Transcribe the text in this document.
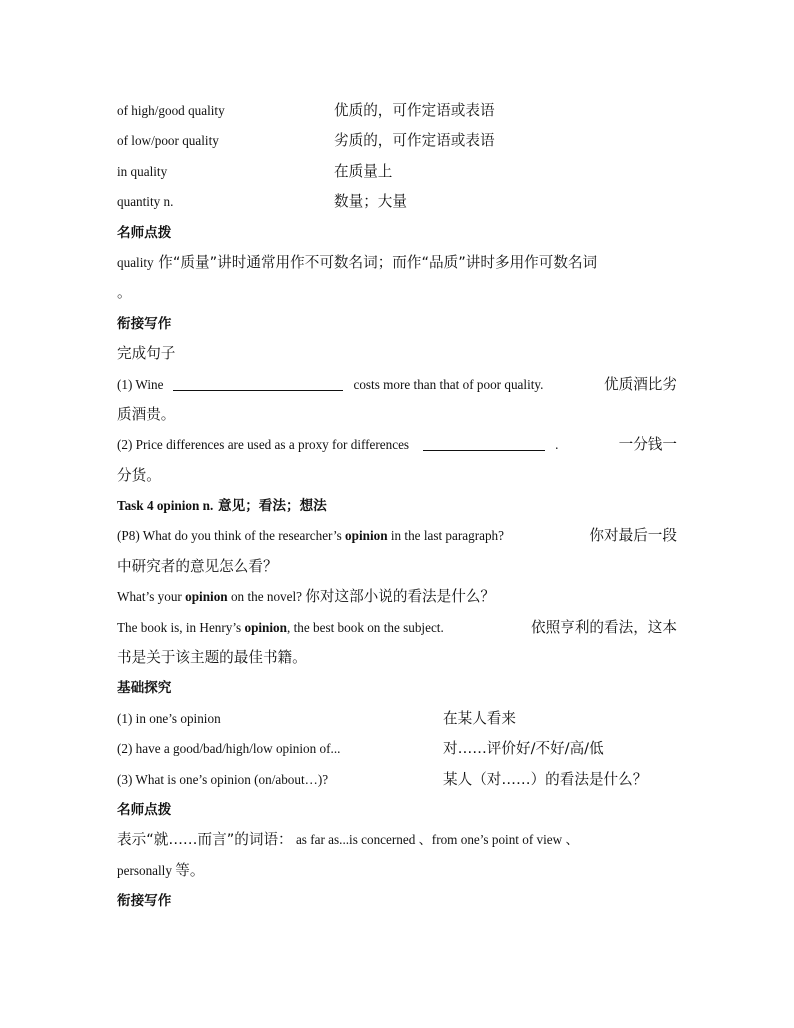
of high/good quality	优质的，可作定语或表语
of low/poor quality	劣质的，可作定语或表语
in quality	在质量上
quantity n.	数量；大量
名师点拨
quality 作“质量”讲时通常用作不可数名词；而作“品质”讲时多用作可数名词
。
衔接写作
完成句子
(1) Wine	costs more than that of poor quality.	优质酒比劣
质酒贵。
(2) Price differences are used as a proxy for differences	.	一分钱一
分货。
Task 4 opinion n. 意见；看法；想法
(P8) What do you think of the researcher’s opinion in the last paragraph?	你对最后一段
中研究者的意见怎么看？
What’s your opinion on the novel? 你对这部小说的看法是什么？
The book is, in Henry’s opinion, the best book on the subject.	依照亨利的看法，这本
书是关于该主题的最佳书籍。
基础探究
(1) in one’s opinion	在某人看来
(2) have a good/bad/high/low opinion of...	对……评价好/不好/高/低
(3) What is one’s opinion (on/about…)?	某人（对……）的看法是什么？
名师点拨
表示“就……而言”的词语： as far as...is concerned 、from one’s point of view 、
personally 等。
衔接写作
